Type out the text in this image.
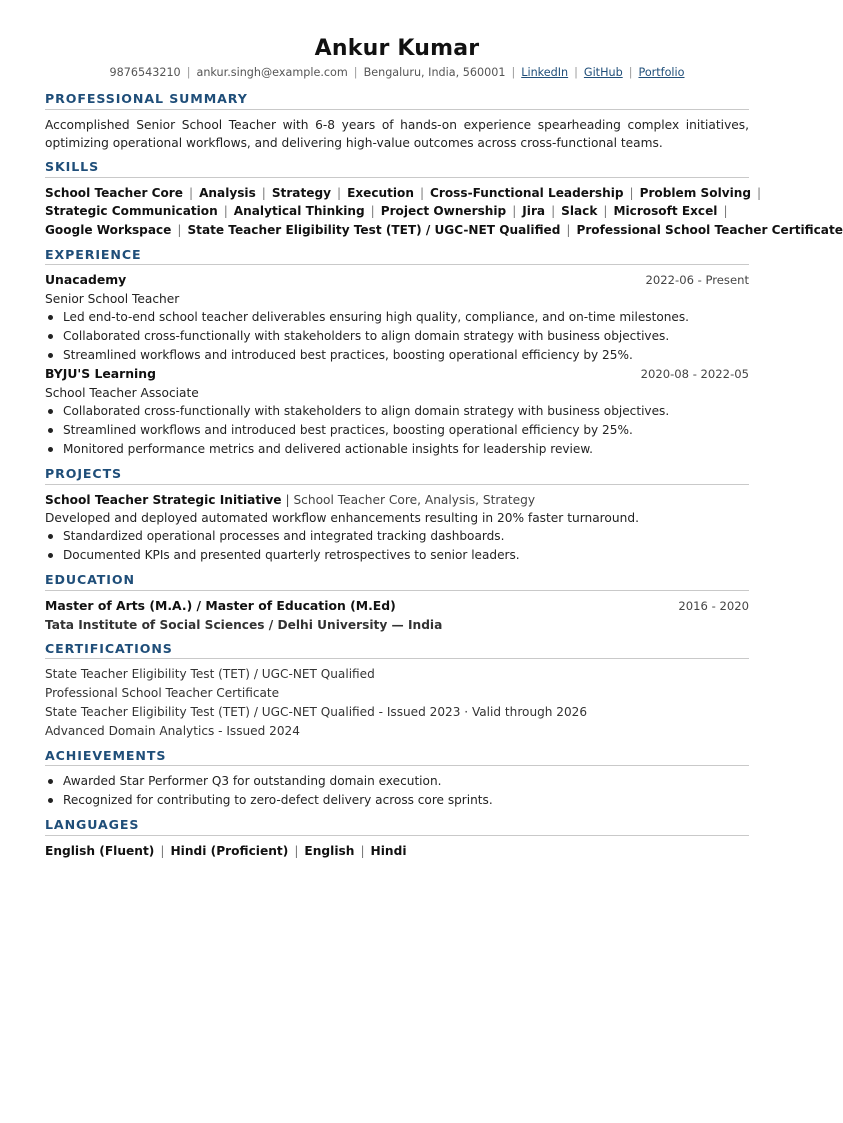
Ankur Kumar
9876543210 | ankur.singh@example.com | Bengaluru, India, 560001 | LinkedIn | GitHub | Portfolio
PROFESSIONAL SUMMARY
Accomplished Senior School Teacher with 6-8 years of hands-on experience spearheading complex initiatives, optimizing operational workflows, and delivering high-value outcomes across cross-functional teams.
SKILLS
School Teacher Core | Analysis | Strategy | Execution | Cross-Functional Leadership | Problem Solving |
Strategic Communication | Analytical Thinking | Project Ownership | Jira | Slack | Microsoft Excel |
Google Workspace | State Teacher Eligibility Test (TET) / UGC-NET Qualified | Professional School Teacher Certificate
EXPERIENCE
Unacademy	2022-06 - Present
Senior School Teacher
Led end-to-end school teacher deliverables ensuring high quality, compliance, and on-time milestones.
Collaborated cross-functionally with stakeholders to align domain strategy with business objectives.
Streamlined workflows and introduced best practices, boosting operational efficiency by 25%.
BYJU'S Learning	2020-08 - 2022-05
School Teacher Associate
Collaborated cross-functionally with stakeholders to align domain strategy with business objectives.
Streamlined workflows and introduced best practices, boosting operational efficiency by 25%.
Monitored performance metrics and delivered actionable insights for leadership review.
PROJECTS
School Teacher Strategic Initiative | School Teacher Core, Analysis, Strategy
Developed and deployed automated workflow enhancements resulting in 20% faster turnaround.
Standardized operational processes and integrated tracking dashboards.
Documented KPIs and presented quarterly retrospectives to senior leaders.
EDUCATION
Master of Arts (M.A.) / Master of Education (M.Ed)	2016 - 2020
Tata Institute of Social Sciences / Delhi University — India
CERTIFICATIONS
State Teacher Eligibility Test (TET) / UGC-NET Qualified
Professional School Teacher Certificate
State Teacher Eligibility Test (TET) / UGC-NET Qualified - Issued 2023 · Valid through 2026
Advanced Domain Analytics - Issued 2024
ACHIEVEMENTS
Awarded Star Performer Q3 for outstanding domain execution.
Recognized for contributing to zero-defect delivery across core sprints.
LANGUAGES
English (Fluent) | Hindi (Proficient) | English | Hindi
